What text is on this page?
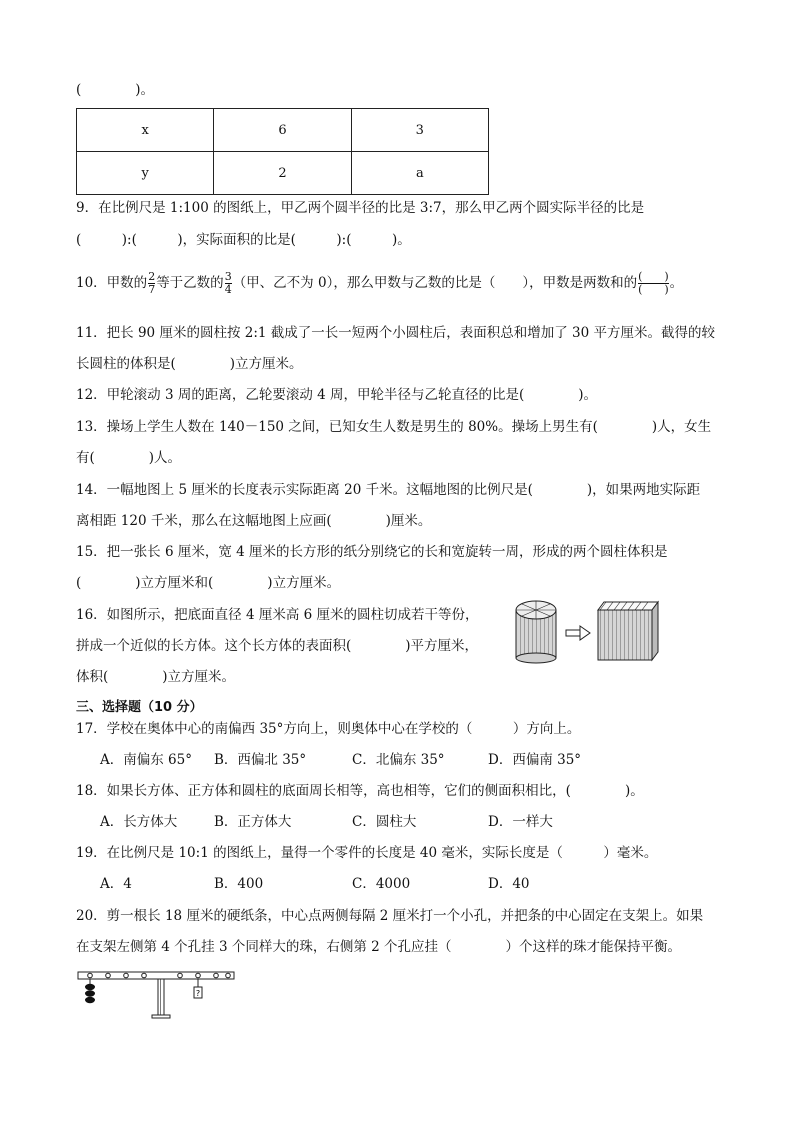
(　　　　)。
x	6	3
y	2	a
9．在比例尺是 1:100 的图纸上，甲乙两个圆半径的比是 3:7，那么甲乙两个圆实际半径的比是
(　　　):(　　　)，实际面积的比是(　　　):(　　　)。
10．甲数的 $\frac{2}{7}$ 等于乙数的 $\frac{3}{4}$ （甲、乙不为 0），那么甲数与乙数的比是（　　），甲数是两数和的 $\frac{( )}{( )}$ 。
11．把长 90 厘米的圆柱按 2:1 截成了一长一短两个小圆柱后，表面积总和增加了 30 平方厘米。截得的较
长圆柱的体积是(　　　　)立方厘米。
12．甲轮滚动 3 周的距离，乙轮要滚动 4 周，甲轮半径与乙轮直径的比是(　　　　)。
13．操场上学生人数在 140－150 之间，已知女生人数是男生的 80%。操场上男生有(　　　　)人，女生
有(　　　　)人。
14．一幅地图上 5 厘米的长度表示实际距离 20 千米。这幅地图的比例尺是(　　　　)，如果两地实际距
离相距 120 千米，那么在这幅地图上应画(　　　　)厘米。
15．把一张长 6 厘米，宽 4 厘米的长方形的纸分别绕它的长和宽旋转一周，形成的两个圆柱体积是
(　　　　)立方厘米和(　　　　)立方厘米。
16．如图所示，把底面直径 4 厘米高 6 厘米的圆柱切成若干等份，
拼成一个近似的长方体。这个长方体的表面积(　　　　)平方厘米，
体积(　　　　)立方厘米。
三、选择题（10 分）
17．学校在奥体中心的南偏西 35°方向上，则奥体中心在学校的（　　　）方向上。
A．南偏东 65° B．西偏北 35°	C．北偏东 35°	D．西偏南 35°
18．如果长方体、正方体和圆柱的底面周长相等，高也相等，它们的侧面积相比，(　　　　)。
A．长方体大	B．正方体大	C．圆柱大	D．一样大
19．在比例尺是 10:1 的图纸上，量得一个零件的长度是 40 毫米，实际长度是（　　　）毫米。
A．4	B．400	C．4000	D．40
20．剪一根长 18 厘米的硬纸条，中心点两侧每隔 2 厘米打一个小孔，并把条的中心固定在支架上。如果
在支架左侧第 4 个孔挂 3 个同样大的珠，右侧第 2 个孔应挂（　　　　）个这样的珠才能保持平衡。
?
